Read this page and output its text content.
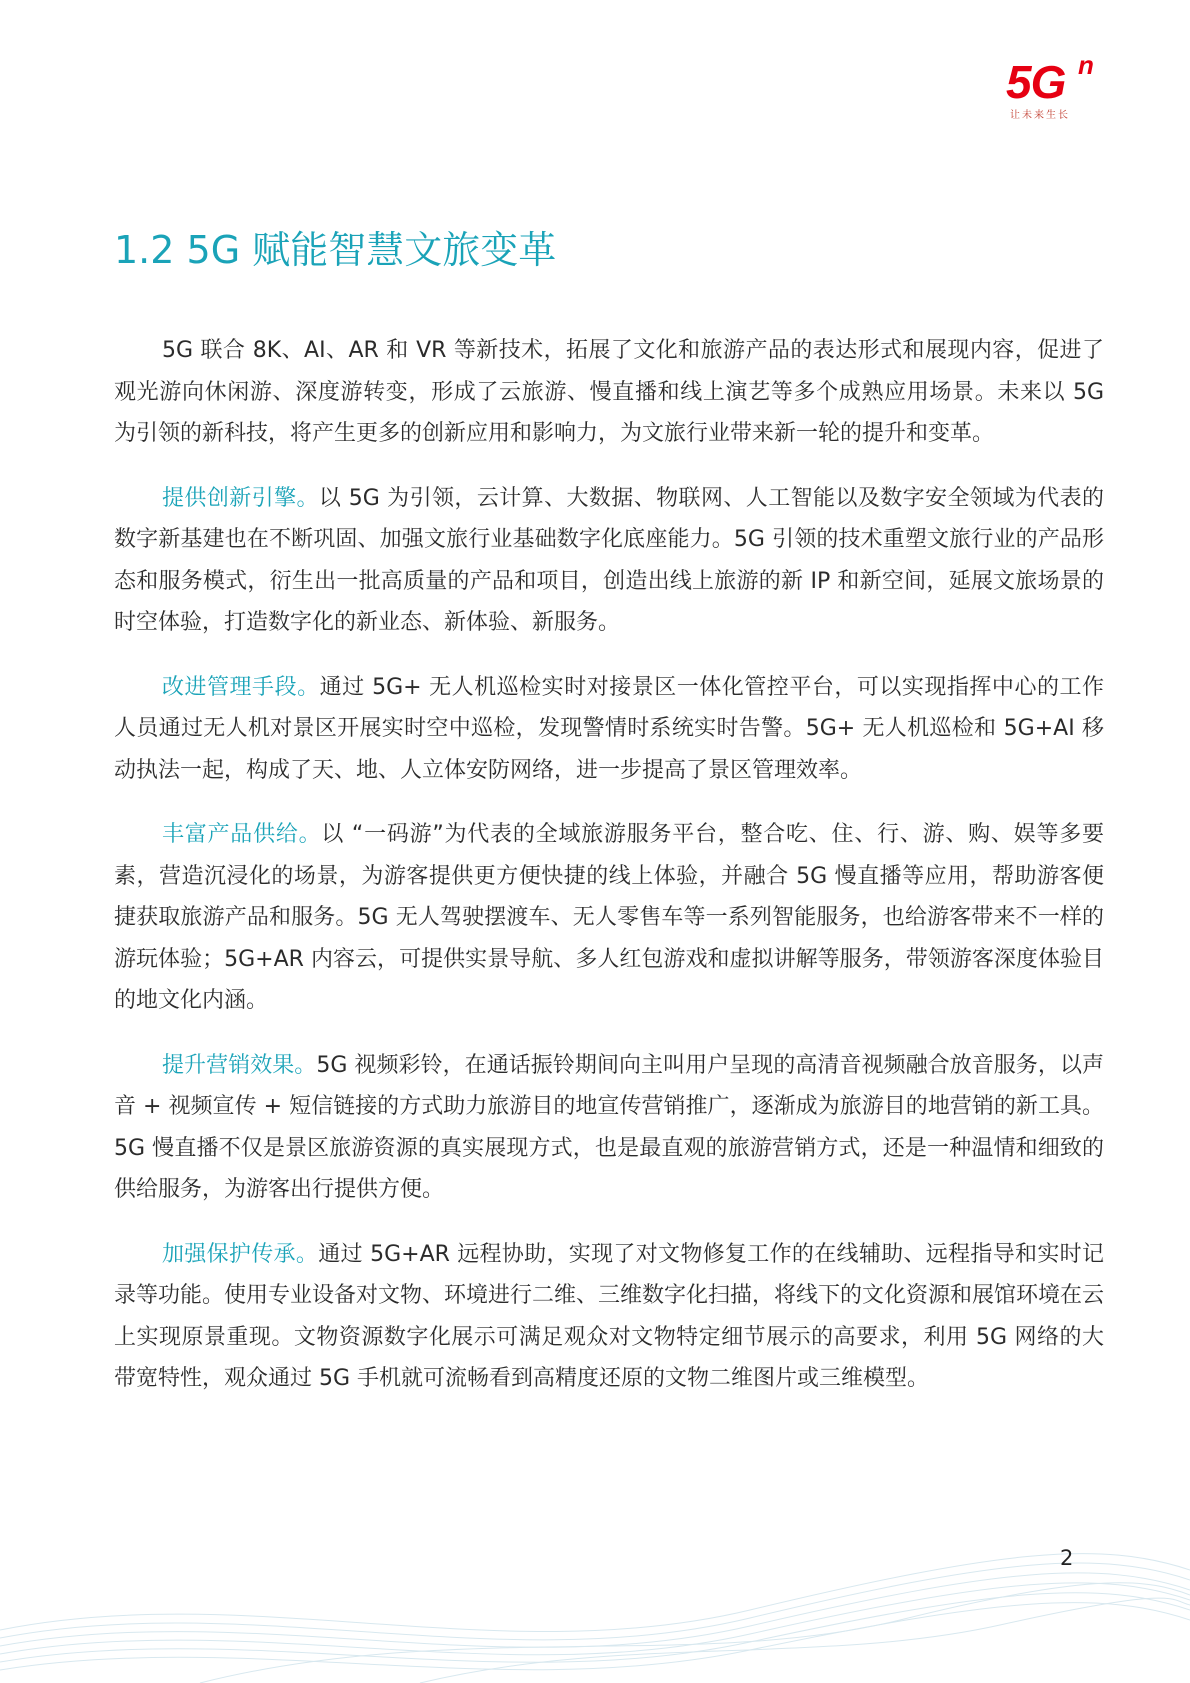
5G n
让未来生长
1.2 5G 赋能智慧文旅变革

5G 联合 8K、AI、AR 和 VR 等新技术，拓展了文化和旅游产品的表达形式和展现内容，促进了观光游向休闲游、深度游转变，形成了云旅游、慢直播和线上演艺等多个成熟应用场景。未来以 5G 为引领的新科技，将产生更多的创新应用和影响力，为文旅行业带来新一轮的提升和变革。

提供创新引擎。以 5G 为引领，云计算、大数据、物联网、人工智能以及数字安全领域为代表的数字新基建也在不断巩固、加强文旅行业基础数字化底座能力。5G 引领的技术重塑文旅行业的产品形态和服务模式，衍生出一批高质量的产品和项目，创造出线上旅游的新 IP 和新空间，延展文旅场景的时空体验，打造数字化的新业态、新体验、新服务。

改进管理手段。通过 5G+ 无人机巡检实时对接景区一体化管控平台，可以实现指挥中心的工作人员通过无人机对景区开展实时空中巡检，发现警情时系统实时告警。5G+ 无人机巡检和 5G+AI 移动执法一起，构成了天、地、人立体安防网络，进一步提高了景区管理效率。

丰富产品供给。以 “一码游”为代表的全域旅游服务平台，整合吃、住、行、游、购、娱等多要素，营造沉浸化的场景，为游客提供更方便快捷的线上体验，并融合 5G 慢直播等应用，帮助游客便捷获取旅游产品和服务。5G 无人驾驶摆渡车、无人零售车等一系列智能服务，也给游客带来不一样的游玩体验；5G+AR 内容云，可提供实景导航、多人红包游戏和虚拟讲解等服务，带领游客深度体验目的地文化内涵。

提升营销效果。5G 视频彩铃，在通话振铃期间向主叫用户呈现的高清音视频融合放音服务，以声音 + 视频宣传 + 短信链接的方式助力旅游目的地宣传营销推广，逐渐成为旅游目的地营销的新工具。5G 慢直播不仅是景区旅游资源的真实展现方式，也是最直观的旅游营销方式，还是一种温情和细致的供给服务，为游客出行提供方便。

加强保护传承。通过 5G+AR 远程协助，实现了对文物修复工作的在线辅助、远程指导和实时记录等功能。使用专业设备对文物、环境进行二维、三维数字化扫描，将线下的文化资源和展馆环境在云上实现原景重现。文物资源数字化展示可满足观众对文物特定细节展示的高要求，利用 5G 网络的大带宽特性，观众通过 5G 手机就可流畅看到高精度还原的文物二维图片或三维模型。

2
